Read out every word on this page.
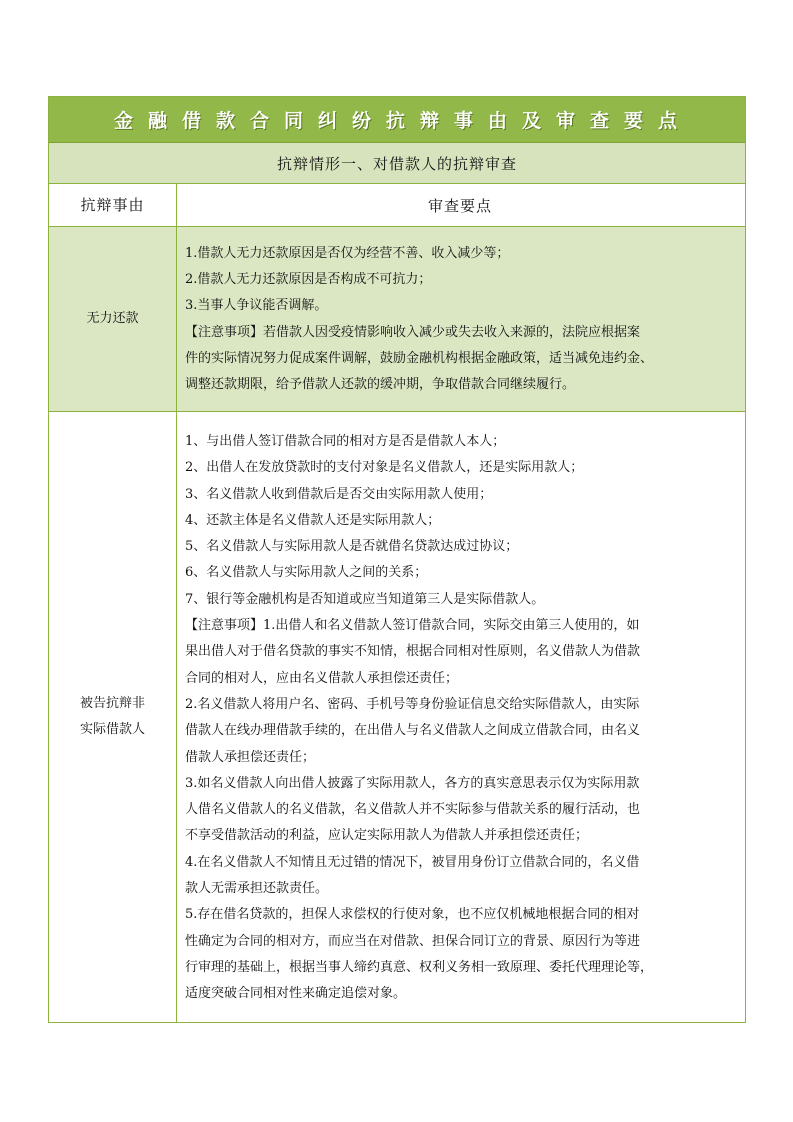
金融借款合同纠纷抗辩事由及审查要点
抗辩情形一、对借款人的抗辩审查
抗辩事由	审查要点
无力还款

1.借款人无力还款原因是否仅为经营不善、收入减少等；

2.借款人无力还款原因是否构成不可抗力；

3.当事人争议能否调解。

【注意事项】若借款人因受疫情影响收入减少或失去收入来源的，法院应根据案

件的实际情况努力促成案件调解，鼓励金融机构根据金融政策，适当减免违约金、

调整还款期限，给予借款人还款的缓冲期，争取借款合同继续履行。

被告抗辩非
实际借款人

1、与出借人签订借款合同的相对方是否是借款人本人；

2、出借人在发放贷款时的支付对象是名义借款人，还是实际用款人；

3、名义借款人收到借款后是否交由实际用款人使用；

4、还款主体是名义借款人还是实际用款人；

5、名义借款人与实际用款人是否就借名贷款达成过协议；

6、名义借款人与实际用款人之间的关系；

7、银行等金融机构是否知道或应当知道第三人是实际借款人。

【注意事项】1.出借人和名义借款人签订借款合同，实际交由第三人使用的，如

果出借人对于借名贷款的事实不知情，根据合同相对性原则，名义借款人为借款

合同的相对人，应由名义借款人承担偿还责任；

2.名义借款人将用户名、密码、手机号等身份验证信息交给实际借款人，由实际

借款人在线办理借款手续的，在出借人与名义借款人之间成立借款合同，由名义

借款人承担偿还责任；

3.如名义借款人向出借人披露了实际用款人，各方的真实意思表示仅为实际用款

人借名义借款人的名义借款，名义借款人并不实际参与借款关系的履行活动，也

不享受借款活动的利益，应认定实际用款人为借款人并承担偿还责任；

4.在名义借款人不知情且无过错的情况下，被冒用身份订立借款合同的，名义借

款人无需承担还款责任。

5.存在借名贷款的，担保人求偿权的行使对象，也不应仅机械地根据合同的相对

性确定为合同的相对方，而应当在对借款、担保合同订立的背景、原因行为等进

行审理的基础上，根据当事人缔约真意、权利义务相一致原理、委托代理理论等，

适度突破合同相对性来确定追偿对象。
